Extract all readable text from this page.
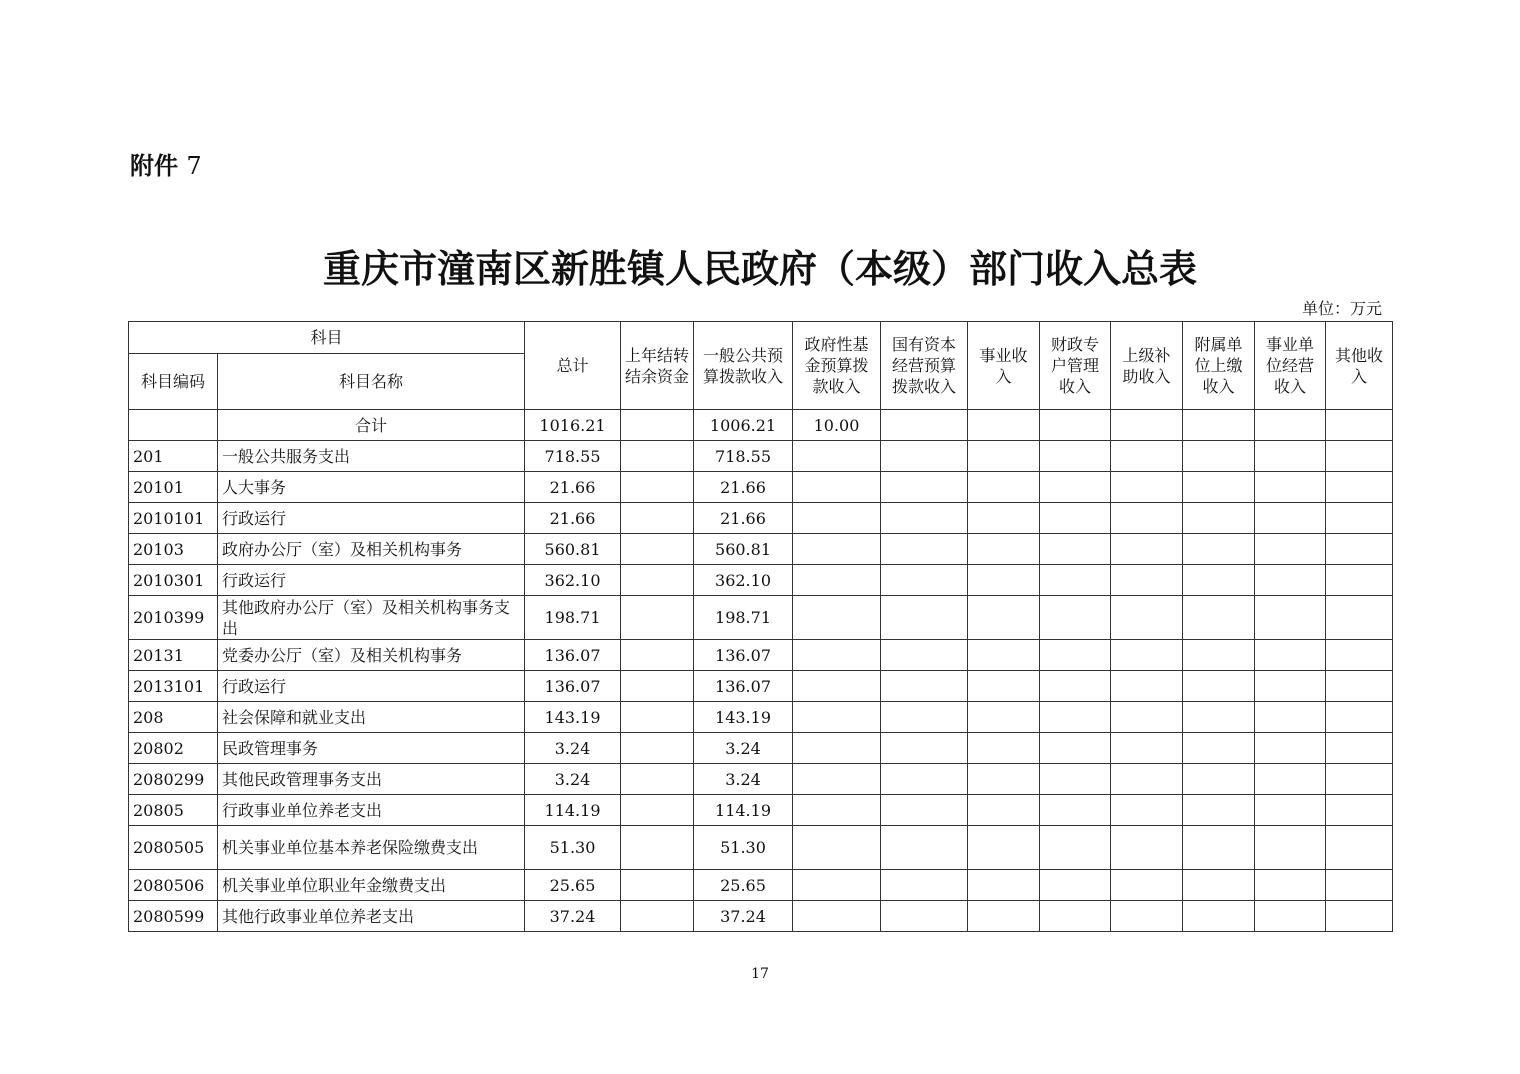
附件 7
重庆市潼南区新胜镇人民政府（本级）部门收入总表
单位：万元
科目		总计	上年结转结余资金	一般公共预算拨款收入	政府性基金预算拨款收入	国有资本经营预算拨款收入	事业收入	财政专户管理收入	上级补助收入	附属单位上缴收入	事业单位经营收入	其他收入
科目编码	科目名称											
	合计	1016.21		1006.21	10.00							
201	一般公共服务支出	718.55		718.55								
20101	人大事务	21.66		21.66								
2010101	行政运行	21.66		21.66								
20103	政府办公厅（室）及相关机构事务	560.81		560.81								
2010301	行政运行	362.10		362.10								
2010399	其他政府办公厅（室）及相关机构事务支出	198.71		198.71								
20131	党委办公厅（室）及相关机构事务	136.07		136.07								
2013101	行政运行	136.07		136.07								
208	社会保障和就业支出	143.19		143.19								
20802	民政管理事务	3.24		3.24								
2080299	其他民政管理事务支出	3.24		3.24								
20805	行政事业单位养老支出	114.19		114.19								
2080505	机关事业单位基本养老保险缴费支出	51.30		51.30								
2080506	机关事业单位职业年金缴费支出	25.65		25.65								
2080599	其他行政事业单位养老支出	37.24		37.24								
17
